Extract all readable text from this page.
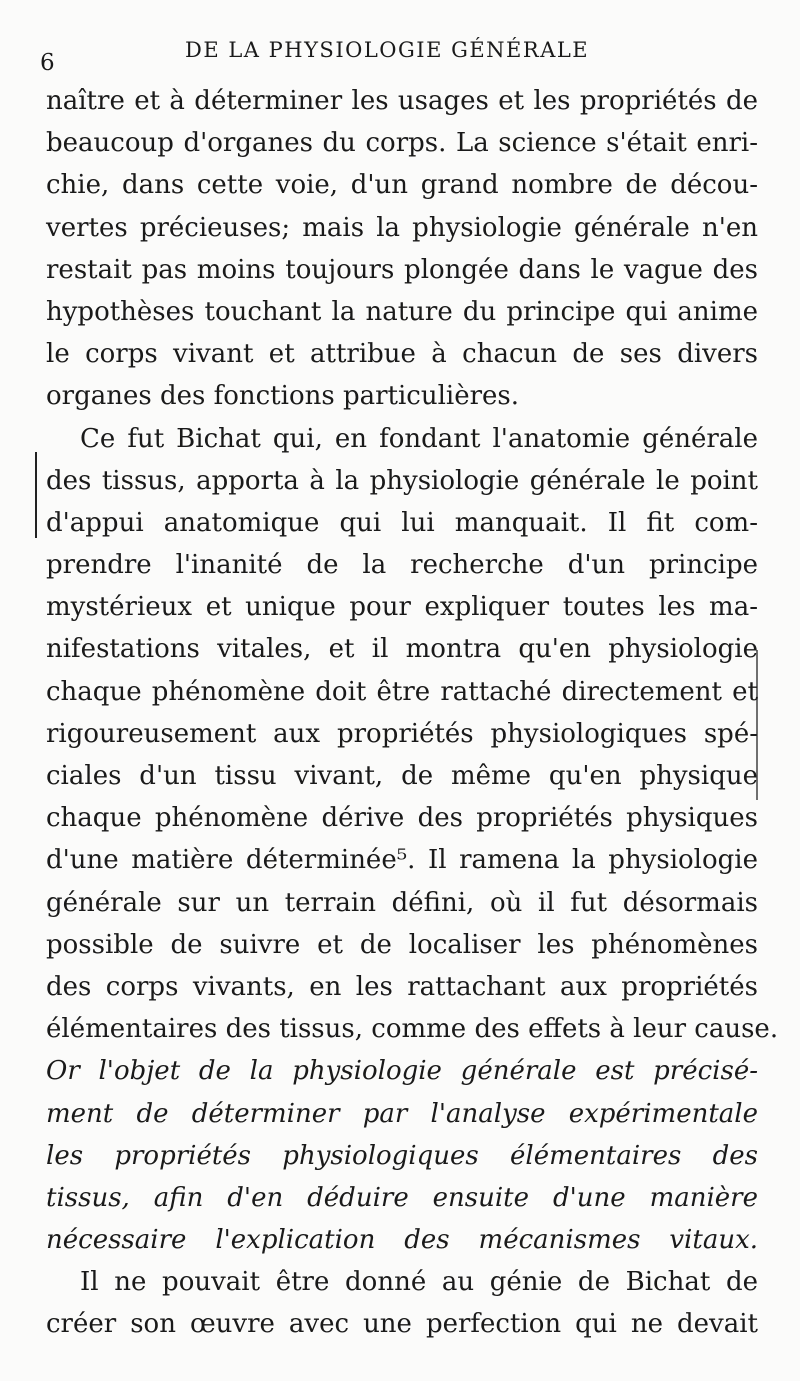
6	DE LA PHYSIOLOGIE GÉNÉRALE
naître et à déterminer les usages et les propriétés de
beaucoup d'organes du corps. La science s'était enri-
chie, dans cette voie, d'un grand nombre de décou-
vertes précieuses; mais la physiologie générale n'en
restait pas moins toujours plongée dans le vague des
hypothèses touchant la nature du principe qui anime
le corps vivant et attribue à chacun de ses divers
organes des fonctions particulières.
Ce fut Bichat qui, en fondant l'anatomie générale
des tissus, apporta à la physiologie générale le point
d'appui anatomique qui lui manquait. Il fit com-
prendre l'inanité de la recherche d'un principe
mystérieux et unique pour expliquer toutes les ma-
nifestations vitales, et il montra qu'en physiologie
chaque phénomène doit être rattaché directement et
rigoureusement aux propriétés physiologiques spé-
ciales d'un tissu vivant, de même qu'en physique
chaque phénomène dérive des propriétés physiques
d'une matière déterminée⁵. Il ramena la physiologie
générale sur un terrain défini, où il fut désormais
possible de suivre et de localiser les phénomènes
des corps vivants, en les rattachant aux propriétés
élémentaires des tissus, comme des effets à leur cause.
Or l'objet de la physiologie générale est précisé-
ment de déterminer par l'analyse expérimentale
les propriétés physiologiques élémentaires des
tissus, afin d'en déduire ensuite d'une manière
nécessaire l'explication des mécanismes vitaux.
Il ne pouvait être donné au génie de Bichat de
créer son œuvre avec une perfection qui ne devait
